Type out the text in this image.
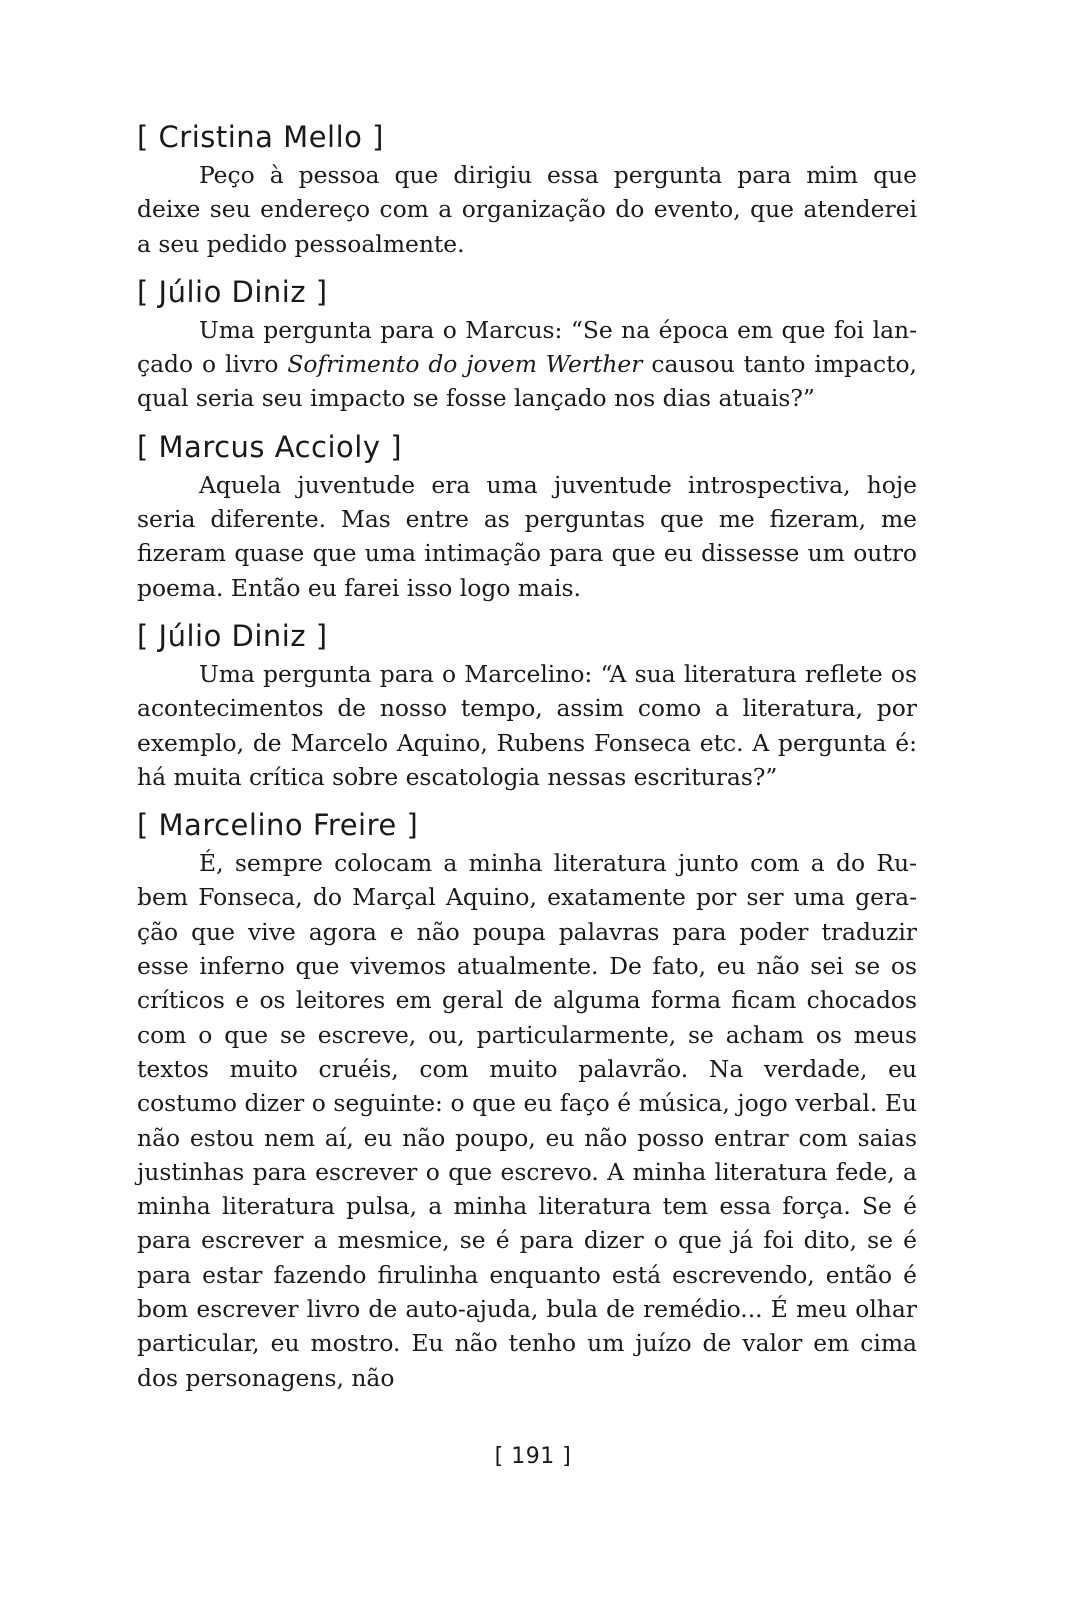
[ Cristina Mello ]

Peço à pessoa que dirigiu essa pergunta para mim que deixe seu endereço com a organização do evento, que atenderei a seu pedido pessoalmente.

[ Júlio Diniz ]

Uma pergunta para o Marcus: “Se na época em que foi lançado o livro Sofrimento do jovem Werther causou tanto impacto, qual seria seu impacto se fosse lançado nos dias atuais?”

[ Marcus Accioly ]

Aquela juventude era uma juventude introspectiva, hoje seria diferente. Mas entre as perguntas que me fizeram, me fizeram quase que uma intimação para que eu dissesse um outro poema. Então eu farei isso logo mais.

[ Júlio Diniz ]

Uma pergunta para o Marcelino: “A sua literatura reflete os acontecimentos de nosso tempo, assim como a literatura, por exemplo, de Marcelo Aquino, Rubens Fonseca etc. A pergunta é: há muita crítica sobre escatologia nessas escrituras?”

[ Marcelino Freire ]

É, sempre colocam a minha literatura junto com a do Rubem Fonseca, do Marçal Aquino, exatamente por ser uma geração que vive agora e não poupa palavras para poder traduzir esse inferno que vivemos atualmente. De fato, eu não sei se os críticos e os leitores em geral de alguma forma ficam chocados com o que se escreve, ou, particularmente, se acham os meus textos muito cruéis, com muito palavrão. Na verdade, eu costumo dizer o seguinte: o que eu faço é música, jogo verbal. Eu não estou nem aí, eu não poupo, eu não posso entrar com saias justinhas para escrever o que escrevo. A minha literatura fede, a minha literatura pulsa, a minha literatura tem essa força. Se é para escrever a mesmice, se é para dizer o que já foi dito, se é para estar fazendo firulinha enquanto está escrevendo, então é bom escrever livro de auto-ajuda, bula de remédio... É meu olhar particular, eu mostro. Eu não tenho um juízo de valor em cima dos personagens, não

[ 191 ]
